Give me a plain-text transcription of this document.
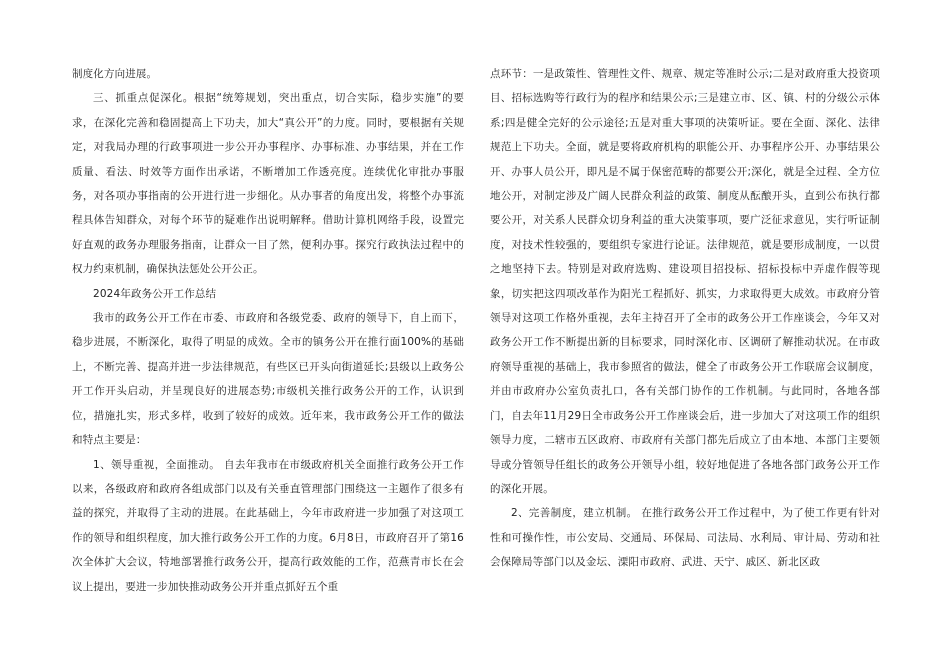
制度化方向进展。

三、抓重点促深化。根据“统筹规划，突出重点，切合实际，稳步实施”的要求，在深化完善和稳固提高上下功夫，加大“真公开”的力度。同时，要根据有关规定，对我局办理的行政事项进一步公开办事程序、办事标准、办事结果，并在工作质量、看法、时效等方面作出承诺，不断增加工作透亮度。连续优化审批办事服务，对各项办事指南的公开进行进一步细化。从办事者的角度出发，将整个办事流程具体告知群众，对每个环节的疑难作出说明解释。借助计算机网络手段，设置完好直观的政务办理服务指南，让群众一目了然，便利办事。探究行政执法过程中的权力约束机制，确保执法惩处公开公正。

2024年政务公开工作总结

我市的政务公开工作在市委、市政府和各级党委、政府的领导下，自上而下，稳步进展，不断深化，取得了明显的成效。全市的镇务公开在推行面100%的基础上，不断完善、提高并进一步法律规范，有些区已开头向街道延长;县级以上政务公开工作开头启动，并呈现良好的进展态势;市级机关推行政务公开的工作，认识到位，措施扎实，形式多样，收到了较好的成效。近年来，我市政务公开工作的做法和特点主要是：

1、领导重视，全面推动。 自去年我市在市级政府机关全面推行政务公开工作以来，各级政府和政府各组成部门以及有关垂直管理部门围绕这一主题作了很多有益的探究，并取得了主动的进展。在此基础上，今年市政府进一步加强了对这项工作的领导和组织程度，加大推行政务公开工作的力度。6月8日，市政府召开了第16次全体扩大会议，特地部署推行政务公开，提高行政效能的工作，范燕青市长在会议上提出，要进一步加快推动政务公开并重点抓好五个重

点环节：一是政策性、管理性文件、规章、规定等准时公示;二是对政府重大投资项目、招标选购等行政行为的程序和结果公示;三是建立市、区、镇、村的分级公示体系;四是健全完好的公示途径;五是对重大事项的决策听证。要在全面、深化、法律规范上下功夫。全面，就是要将政府机构的职能公开、办事程序公开、办事结果公开、办事人员公开，即凡是不属于保密范畴的都要公开;深化，就是全过程、全方位地公开，对制定涉及广阔人民群众利益的政策、制度从酝酿开头，直到公布执行都要公开，对关系人民群众切身利益的重大决策事项，要广泛征求意见，实行听证制度，对技术性较强的，要组织专家进行论证。法律规范，就是要形成制度，一以贯之地坚持下去。特别是对政府选购、建设项目招投标、招标投标中弄虚作假等现象，切实把这四项改革作为阳光工程抓好、抓实，力求取得更大成效。市政府分管领导对这项工作格外重视，去年主持召开了全市的政务公开工作座谈会，今年又对政务公开工作不断提出新的目标要求，同时深化市、区调研了解推动状况。在市政府领导重视的基础上，我市参照省的做法，健全了市政务公开工作联席会议制度，并由市政府办公室负责扎口，各有关部门协作的工作机制。与此同时，各地各部门，自去年11月29日全市政务公开工作座谈会后，进一步加大了对这项工作的组织领导力度，二辖市五区政府、市政府有关部门都先后成立了由本地、本部门主要领导或分管领导任组长的政务公开领导小组，较好地促进了各地各部门政务公开工作的深化开展。

2、完善制度，建立机制。 在推行政务公开工作过程中，为了使工作更有针对性和可操作性，市公安局、交通局、环保局、司法局、水利局、审计局、劳动和社会保障局等部门以及金坛、溧阳市政府、武进、天宁、戚区、新北区政
